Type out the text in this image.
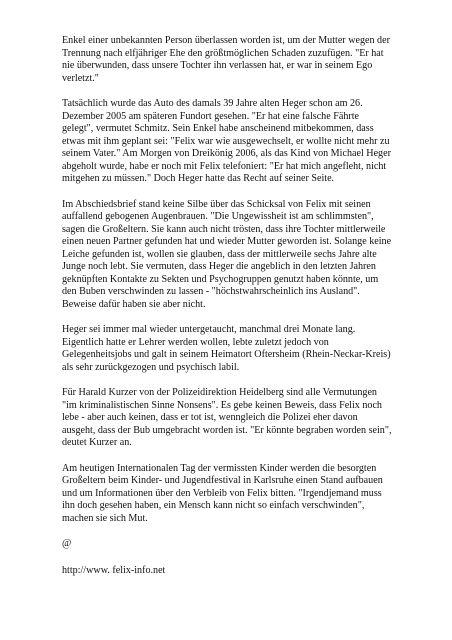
Enkel einer unbekannten Person überlassen worden ist, um der Mutter wegen der Trennung nach elfjähriger Ehe den größtmöglichen Schaden zuzufügen. "Er hat nie überwunden, dass unsere Tochter ihn verlassen hat, er war in seinem Ego verletzt."

Tatsächlich wurde das Auto des damals 39 Jahre alten Heger schon am 26. Dezember 2005 am späteren Fundort gesehen. "Er hat eine falsche Fährte gelegt", vermutet Schmitz. Sein Enkel habe anscheinend mitbekommen, dass etwas mit ihm geplant sei: "Felix war wie ausgewechselt, er wollte nicht mehr zu seinem Vater." Am Morgen von Dreikönig 2006, als das Kind von Michael Heger abgeholt wurde, habe er noch mit Felix telefoniert: "Er hat mich angefleht, nicht mitgehen zu müssen." Doch Heger hatte das Recht auf seiner Seite.

Im Abschiedsbrief stand keine Silbe über das Schicksal von Felix mit seinen auffallend gebogenen Augenbrauen. "Die Ungewissheit ist am schlimmsten", sagen die Großeltern. Sie kann auch nicht trösten, dass ihre Tochter mittlerweile einen neuen Partner gefunden hat und wieder Mutter geworden ist. Solange keine Leiche gefunden ist, wollen sie glauben, dass der mittlerweile sechs Jahre alte Junge noch lebt. Sie vermuten, dass Heger die angeblich in den letzten Jahren geknüpften Kontakte zu Sekten und Psychogruppen genutzt haben könnte, um den Buben verschwinden zu lassen - "höchstwahrscheinlich ins Ausland". Beweise dafür haben sie aber nicht.

Heger sei immer mal wieder untergetaucht, manchmal drei Monate lang. Eigentlich hatte er Lehrer werden wollen, lebte zuletzt jedoch von Gelegenheitsjobs und galt in seinem Heimatort Oftersheim (Rhein-Neckar-Kreis) als sehr zurückgezogen und psychisch labil.

Für Harald Kurzer von der Polizeidirektion Heidelberg sind alle Vermutungen "im kriminalistischen Sinne Nonsens". Es gebe keinen Beweis, dass Felix noch lebe - aber auch keinen, dass er tot ist, wenngleich die Polizei eher davon ausgeht, dass der Bub umgebracht worden ist. "Er könnte begraben worden sein", deutet Kurzer an.

Am heutigen Internationalen Tag der vermissten Kinder werden die besorgten Großeltern beim Kinder- und Jugendfestival in Karlsruhe einen Stand aufbauen und um Informationen über den Verbleib von Felix bitten. "Irgendjemand muss ihn doch gesehen haben, ein Mensch kann nicht so einfach verschwinden", machen sie sich Mut.

@

http://www. felix-info.net
